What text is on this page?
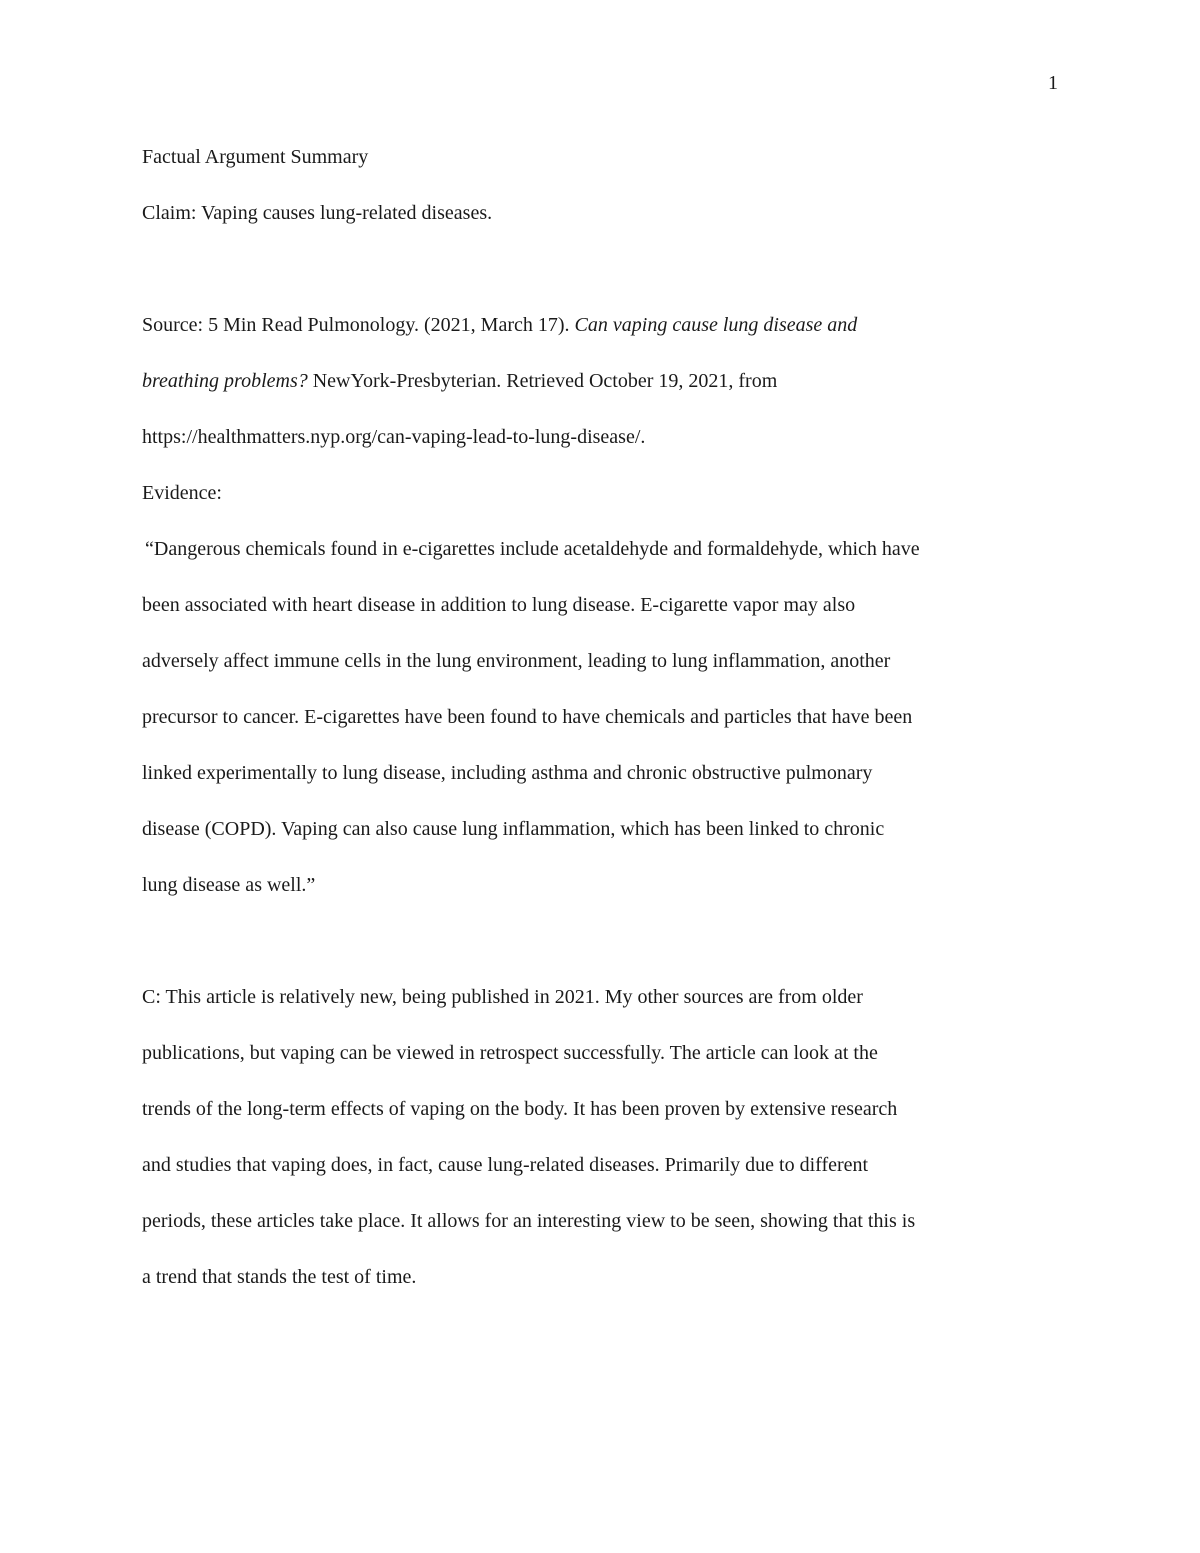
1
Factual Argument Summary
Claim: Vaping causes lung-related diseases.
Source: 5 Min Read Pulmonology. (2021, March 17). Can vaping cause lung disease and
breathing problems? NewYork-Presbyterian. Retrieved October 19, 2021, from
https://healthmatters.nyp.org/can-vaping-lead-to-lung-disease/.
Evidence:
“Dangerous chemicals found in e-cigarettes include acetaldehyde and formaldehyde, which have
been associated with heart disease in addition to lung disease. E-cigarette vapor may also
adversely affect immune cells in the lung environment, leading to lung inflammation, another
precursor to cancer. E-cigarettes have been found to have chemicals and particles that have been
linked experimentally to lung disease, including asthma and chronic obstructive pulmonary
disease (COPD). Vaping can also cause lung inflammation, which has been linked to chronic
lung disease as well.”
C: This article is relatively new, being published in 2021. My other sources are from older
publications, but vaping can be viewed in retrospect successfully. The article can look at the
trends of the long-term effects of vaping on the body. It has been proven by extensive research
and studies that vaping does, in fact, cause lung-related diseases. Primarily due to different
periods, these articles take place. It allows for an interesting view to be seen, showing that this is
a trend that stands the test of time.
